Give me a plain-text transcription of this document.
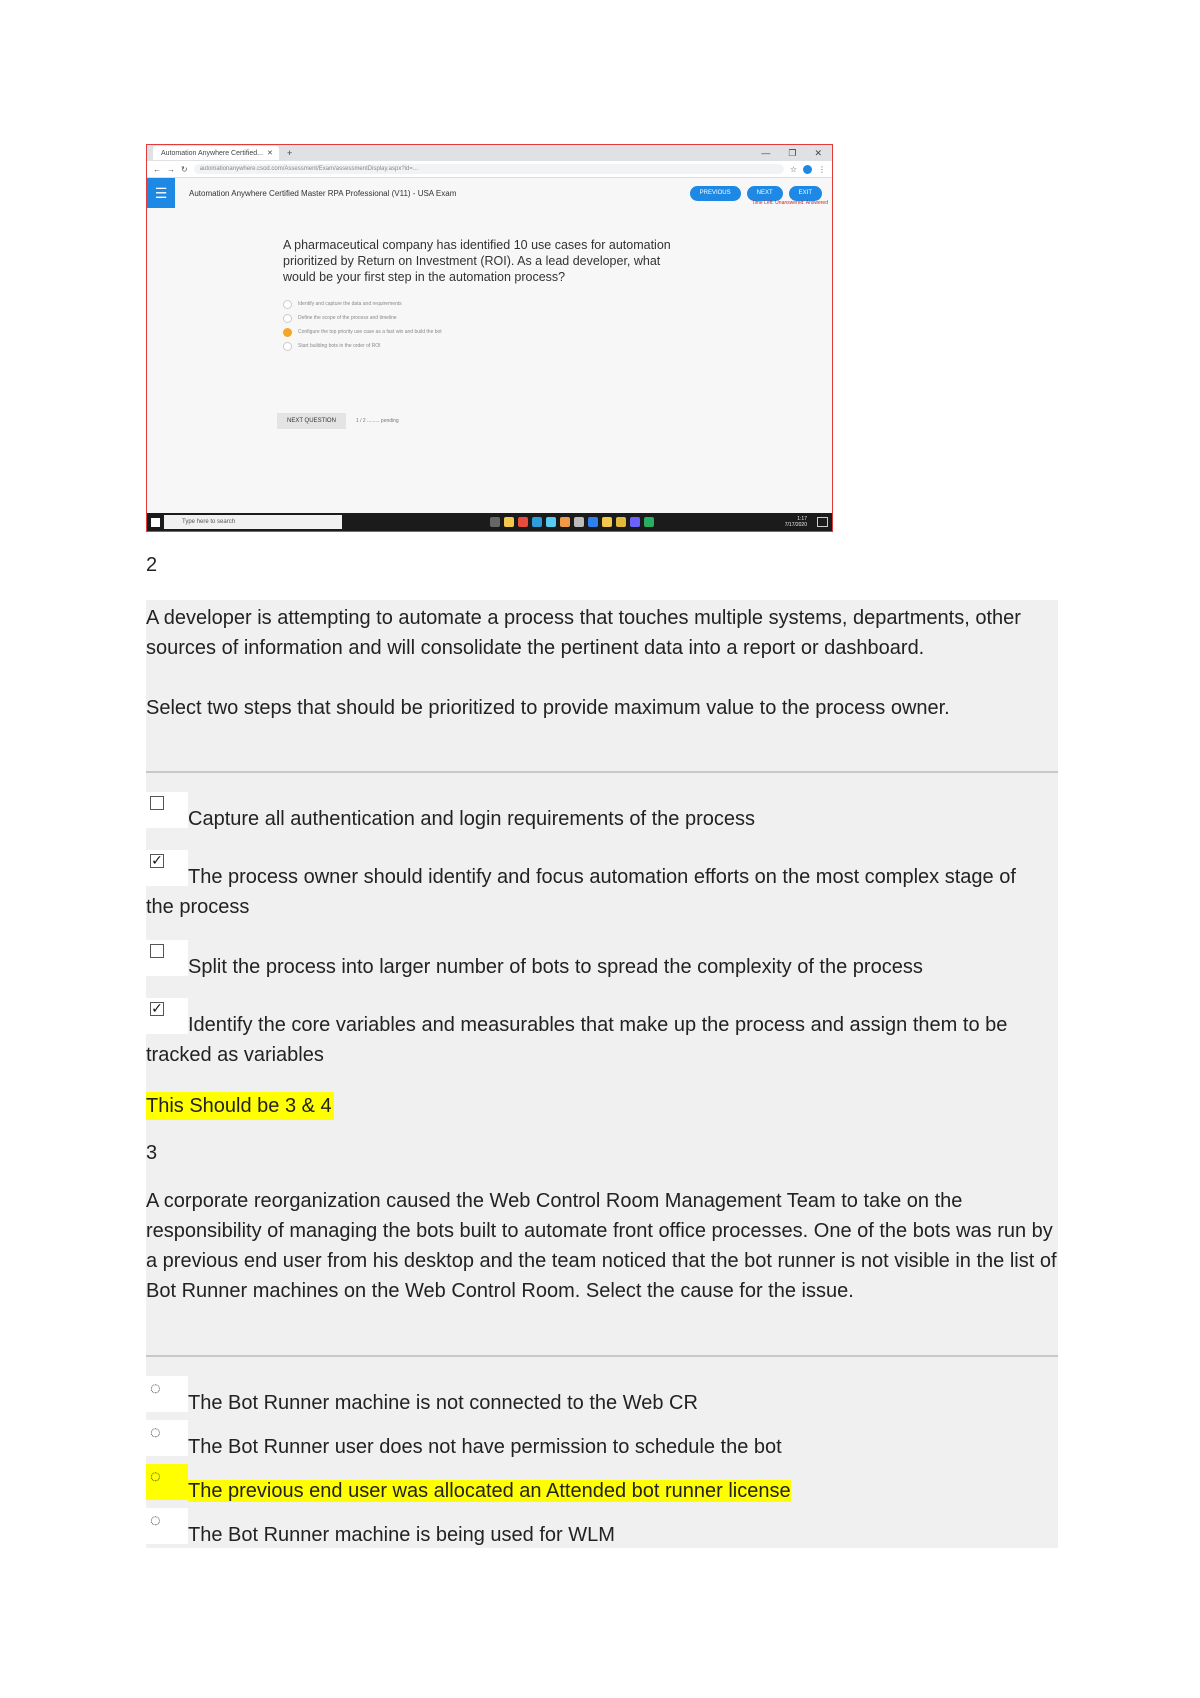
Automation Anywhere Certified... ✕ +	— ❐ ✕
← → ↻	automationanywhere.csod.com/Assessment/Exam/assessmentDisplay.aspx?id=...	☆	⋮
☰	Automation Anywhere Certified Master RPA Professional (V11) - USA Exam	PREVIOUS	NEXT	EXIT
Time Left: Unanswered: Answered
A pharmaceutical company has identified 10 use cases for automation prioritized by Return on Investment (ROI). As a lead developer, what would be your first step in the automation process?
Identify and capture the data and requirements
Define the scope of the process and timeline
Configure the top priority use case as a fast win and build the bot
Start building bots in the order of ROI
NEXT QUESTION	1 / 2 ......... pending
Type here to search	1:17
7/17/2020
2
A developer is attempting to automate a process that touches multiple systems, departments, other sources of information and will consolidate the pertinent data into a report or dashboard.
Select two steps that should be prioritized to provide maximum value to the process owner.
Capture all authentication and login requirements of the process
✓
The process owner should identify and focus automation efforts on the most complex stage of the process
Split the process into larger number of bots to spread the complexity of the process
✓
Identify the core variables and measurables that make up the process and assign them to be tracked as variables
This Should be 3 & 4
3
A corporate reorganization caused the Web Control Room Management Team to take on the responsibility of managing the bots built to automate front office processes. One of the bots was run by a previous end user from his desktop and the team noticed that the bot runner is not visible in the list of Bot Runner machines on the Web Control Room. Select the cause for the issue.
◌
The Bot Runner machine is not connected to the Web CR
◌
The Bot Runner user does not have permission to schedule the bot
◌
The previous end user was allocated an Attended bot runner license
◌
The Bot Runner machine is being used for WLM
